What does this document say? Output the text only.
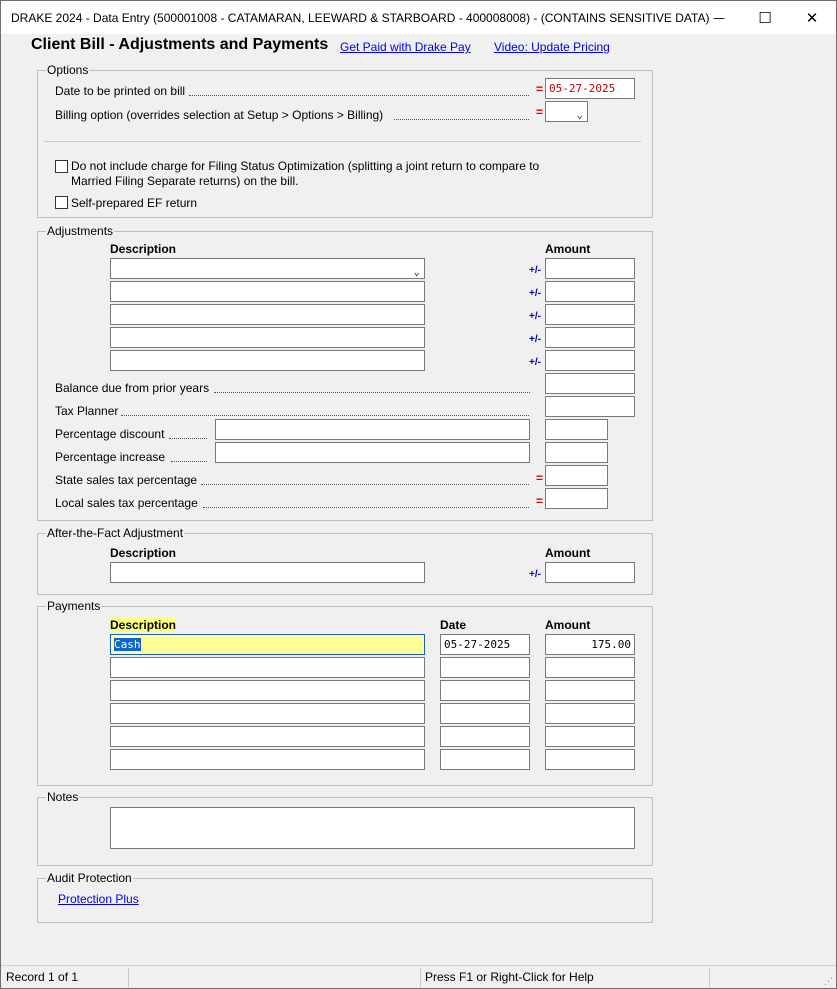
DRAKE 2024 - Data Entry (500001008 - CATAMARAN, LEEWARD & STARBOARD - 400008008) - (CONTAINS SENSITIVE DATA) — ☐ ✕
Client Bill - Adjustments and Payments Get Paid with Drake Pay Video: Update Pricing
Options
Date to be printed on bill	= 05-27-2025
Billing option (overrides selection at Setup > Options > Billing)	=	⌄
Do not include charge for Filing Status Optimization (splitting a joint return to compare to
Married Filing Separate returns) on the bill.
Self-prepared EF return
Adjustments
Description	Amount
⌄	+/-
+/-
+/-
+/-
+/-
Balance due from prior years
Tax Planner
Percentage discount
Percentage increase
State sales tax percentage	=
Local sales tax percentage	=
After-the-Fact Adjustment
Description	Amount
+/-
Payments
Description	Date	Amount
Cash	05-27-2025	175.00
Notes
Audit Protection
Protection Plus
Record 1 of 1	Press F1 or Right-Click for Help	⋰
